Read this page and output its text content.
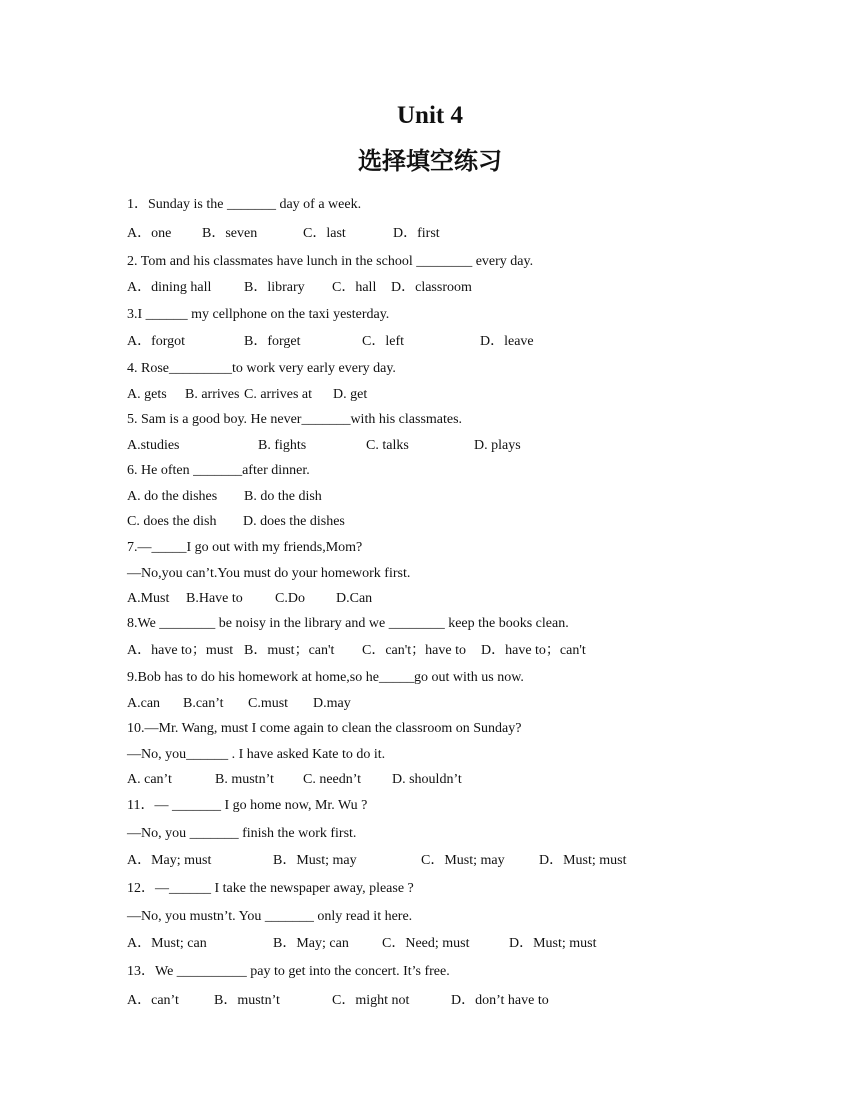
Unit 4
选择填空练习
1．Sunday is the _______ day of a week.
A．one B．seven	C．last	D．first
2. Tom and his classmates have lunch in the school ________ every day.
A．dining hall B．library C．hall D．classroom
3.I ______ my cellphone on the taxi yesterday.
A．forgot	B．forget	C．left	D．leave
4. Rose_________to work very early every day.
A. gets B. arrives C. arrives at D. get
5. Sam is a good boy. He never_______with his classmates.
A.studies	B. fights	C. talks	D. plays
6. He often _______after dinner.
A. do the dishes B. do the dish
C. does the dish D. does the dishes
7.—_____I go out with my friends,Mom?
—No,you can’t.You must do your homework first.
A.Must B.Have to C.Do D.Can
8.We ________ be noisy in the library and we ________ keep the books clean.
A．have to；must B．must；can't C．can't；have to D．have to；can't
9.Bob has to do his homework at home,so he_____go out with us now.
A.can B.can’t C.must D.may
10.—Mr. Wang, must I come again to clean the classroom on Sunday?
—No, you______ . I have asked Kate to do it.
A. can’t	B. mustn’t C. needn’t D. shouldn’t
11．— _______ I go home now, Mr. Wu ?
—No, you _______ finish the work first.
A．May; must	B．Must; may	C．Must; may D．Must; must
12．—______ I take the newspaper away, please ?
—No, you mustn’t. You _______ only read it here.
A．Must; can	B．May; can C．Need; must	D．Must; must
13．We __________ pay to get into the concert. It’s free.
A．can’t	B．mustn’t	C．might not	D．don’t have to
